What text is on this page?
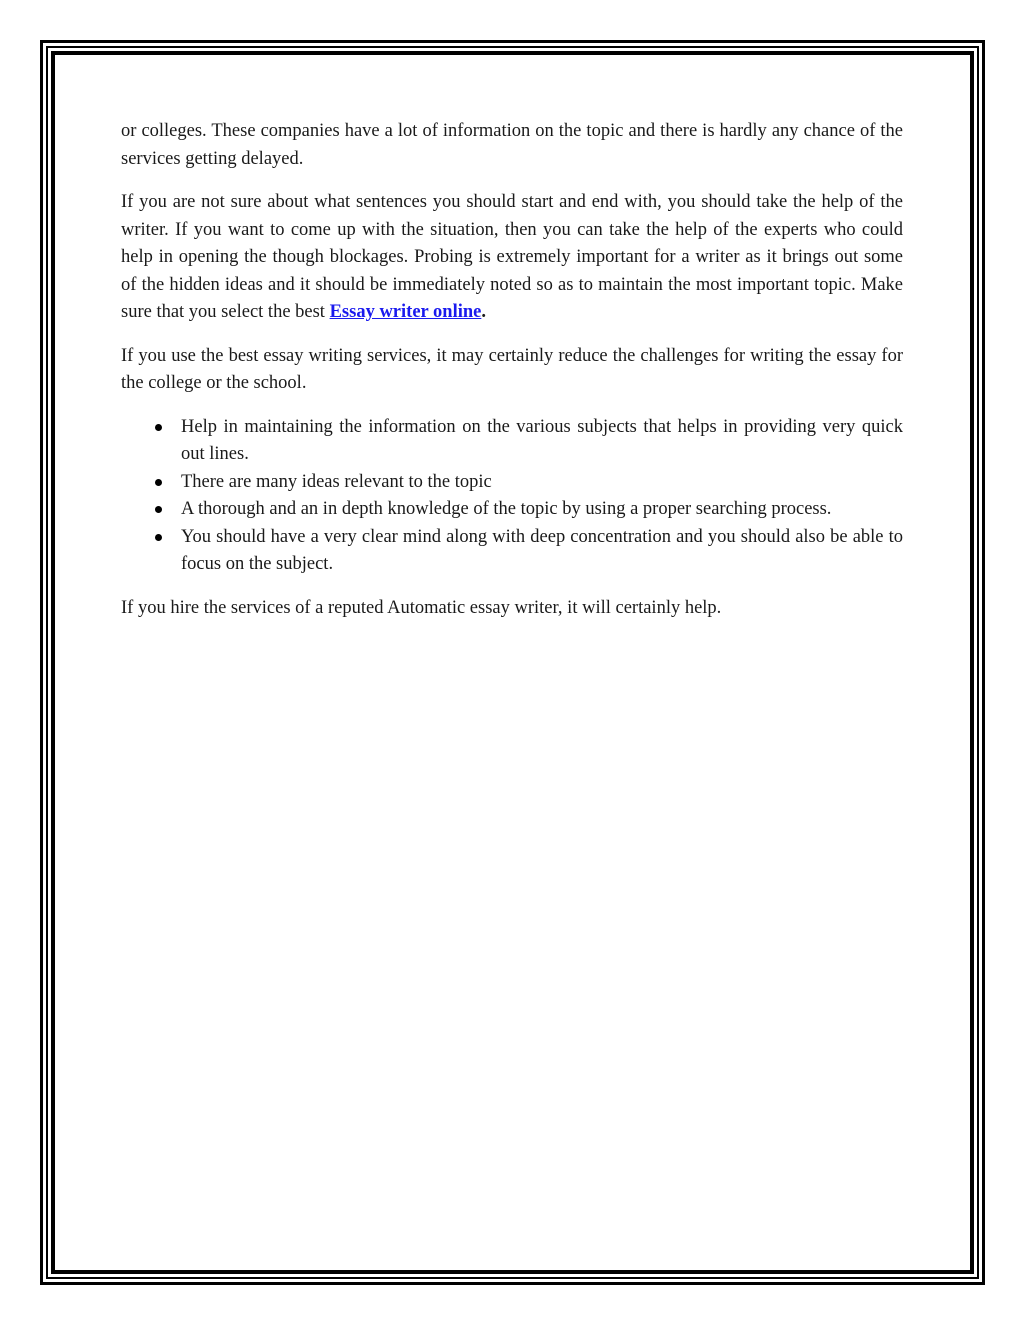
or colleges. These companies have a lot of information on the topic and there is hardly any chance of the services getting delayed.

If you are not sure about what sentences you should start and end with, you should take the help of the writer. If you want to come up with the situation, then you can take the help of the experts who could help in opening the though blockages. Probing is extremely important for a writer as it brings out some of the hidden ideas and it should be immediately noted so as to maintain the most important topic. Make sure that you select the best Essay writer online.

If you use the best essay writing services, it may certainly reduce the challenges for writing the essay for the college or the school.

Help in maintaining the information on the various subjects that helps in providing very quick out lines.
There are many ideas relevant to the topic
A thorough and an in depth knowledge of the topic by using a proper searching process.
You should have a very clear mind along with deep concentration and you should also be able to focus on the subject.

If you hire the services of a reputed Automatic essay writer, it will certainly help.
